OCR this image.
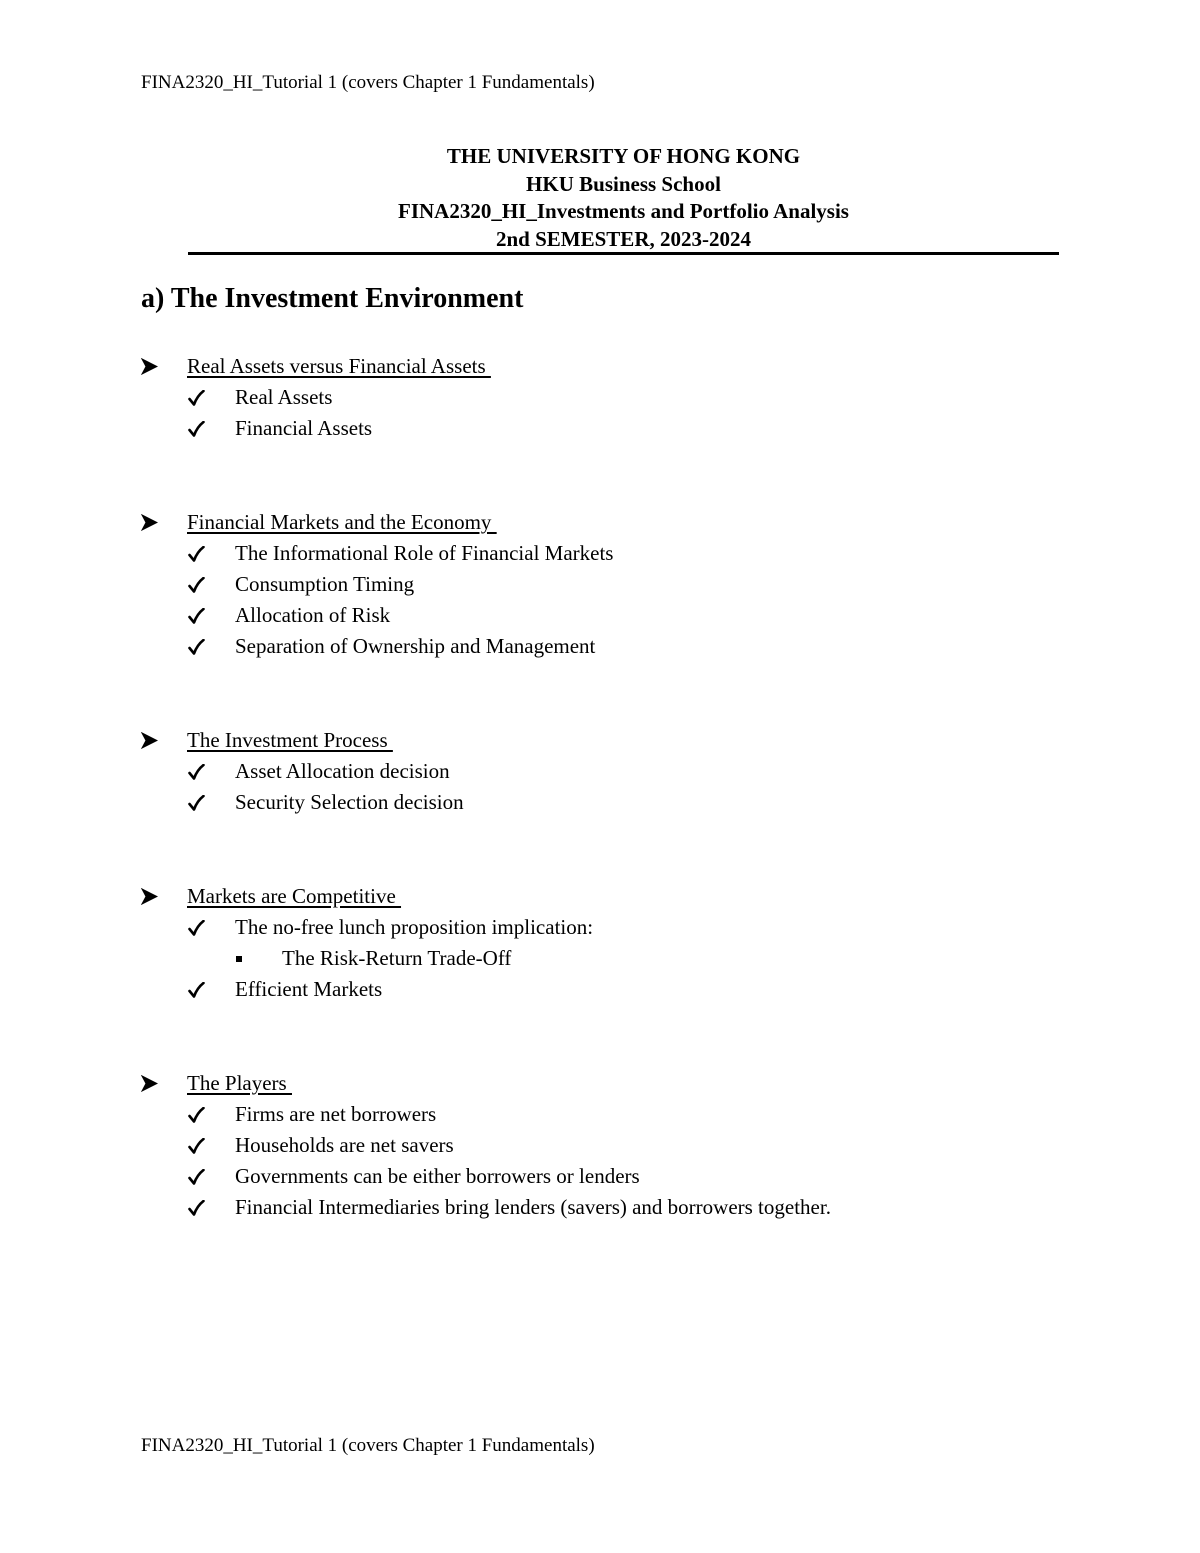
FINA2320_HI_Tutorial 1 (covers Chapter 1 Fundamentals)
THE UNIVERSITY OF HONG KONG
HKU Business School
FINA2320_HI_Investments and Portfolio Analysis
2nd SEMESTER, 2023-2024
a) The Investment Environment
Real Assets versus Financial Assets
Real Assets
Financial Assets
Financial Markets and the Economy
The Informational Role of Financial Markets
Consumption Timing
Allocation of Risk
Separation of Ownership and Management
The Investment Process
Asset Allocation decision
Security Selection decision
Markets are Competitive
The no-free lunch proposition implication:
The Risk-Return Trade-Off
Efficient Markets
The Players
Firms are net borrowers
Households are net savers
Governments can be either borrowers or lenders
Financial Intermediaries bring lenders (savers) and borrowers together.
FINA2320_HI_Tutorial 1 (covers Chapter 1 Fundamentals)
